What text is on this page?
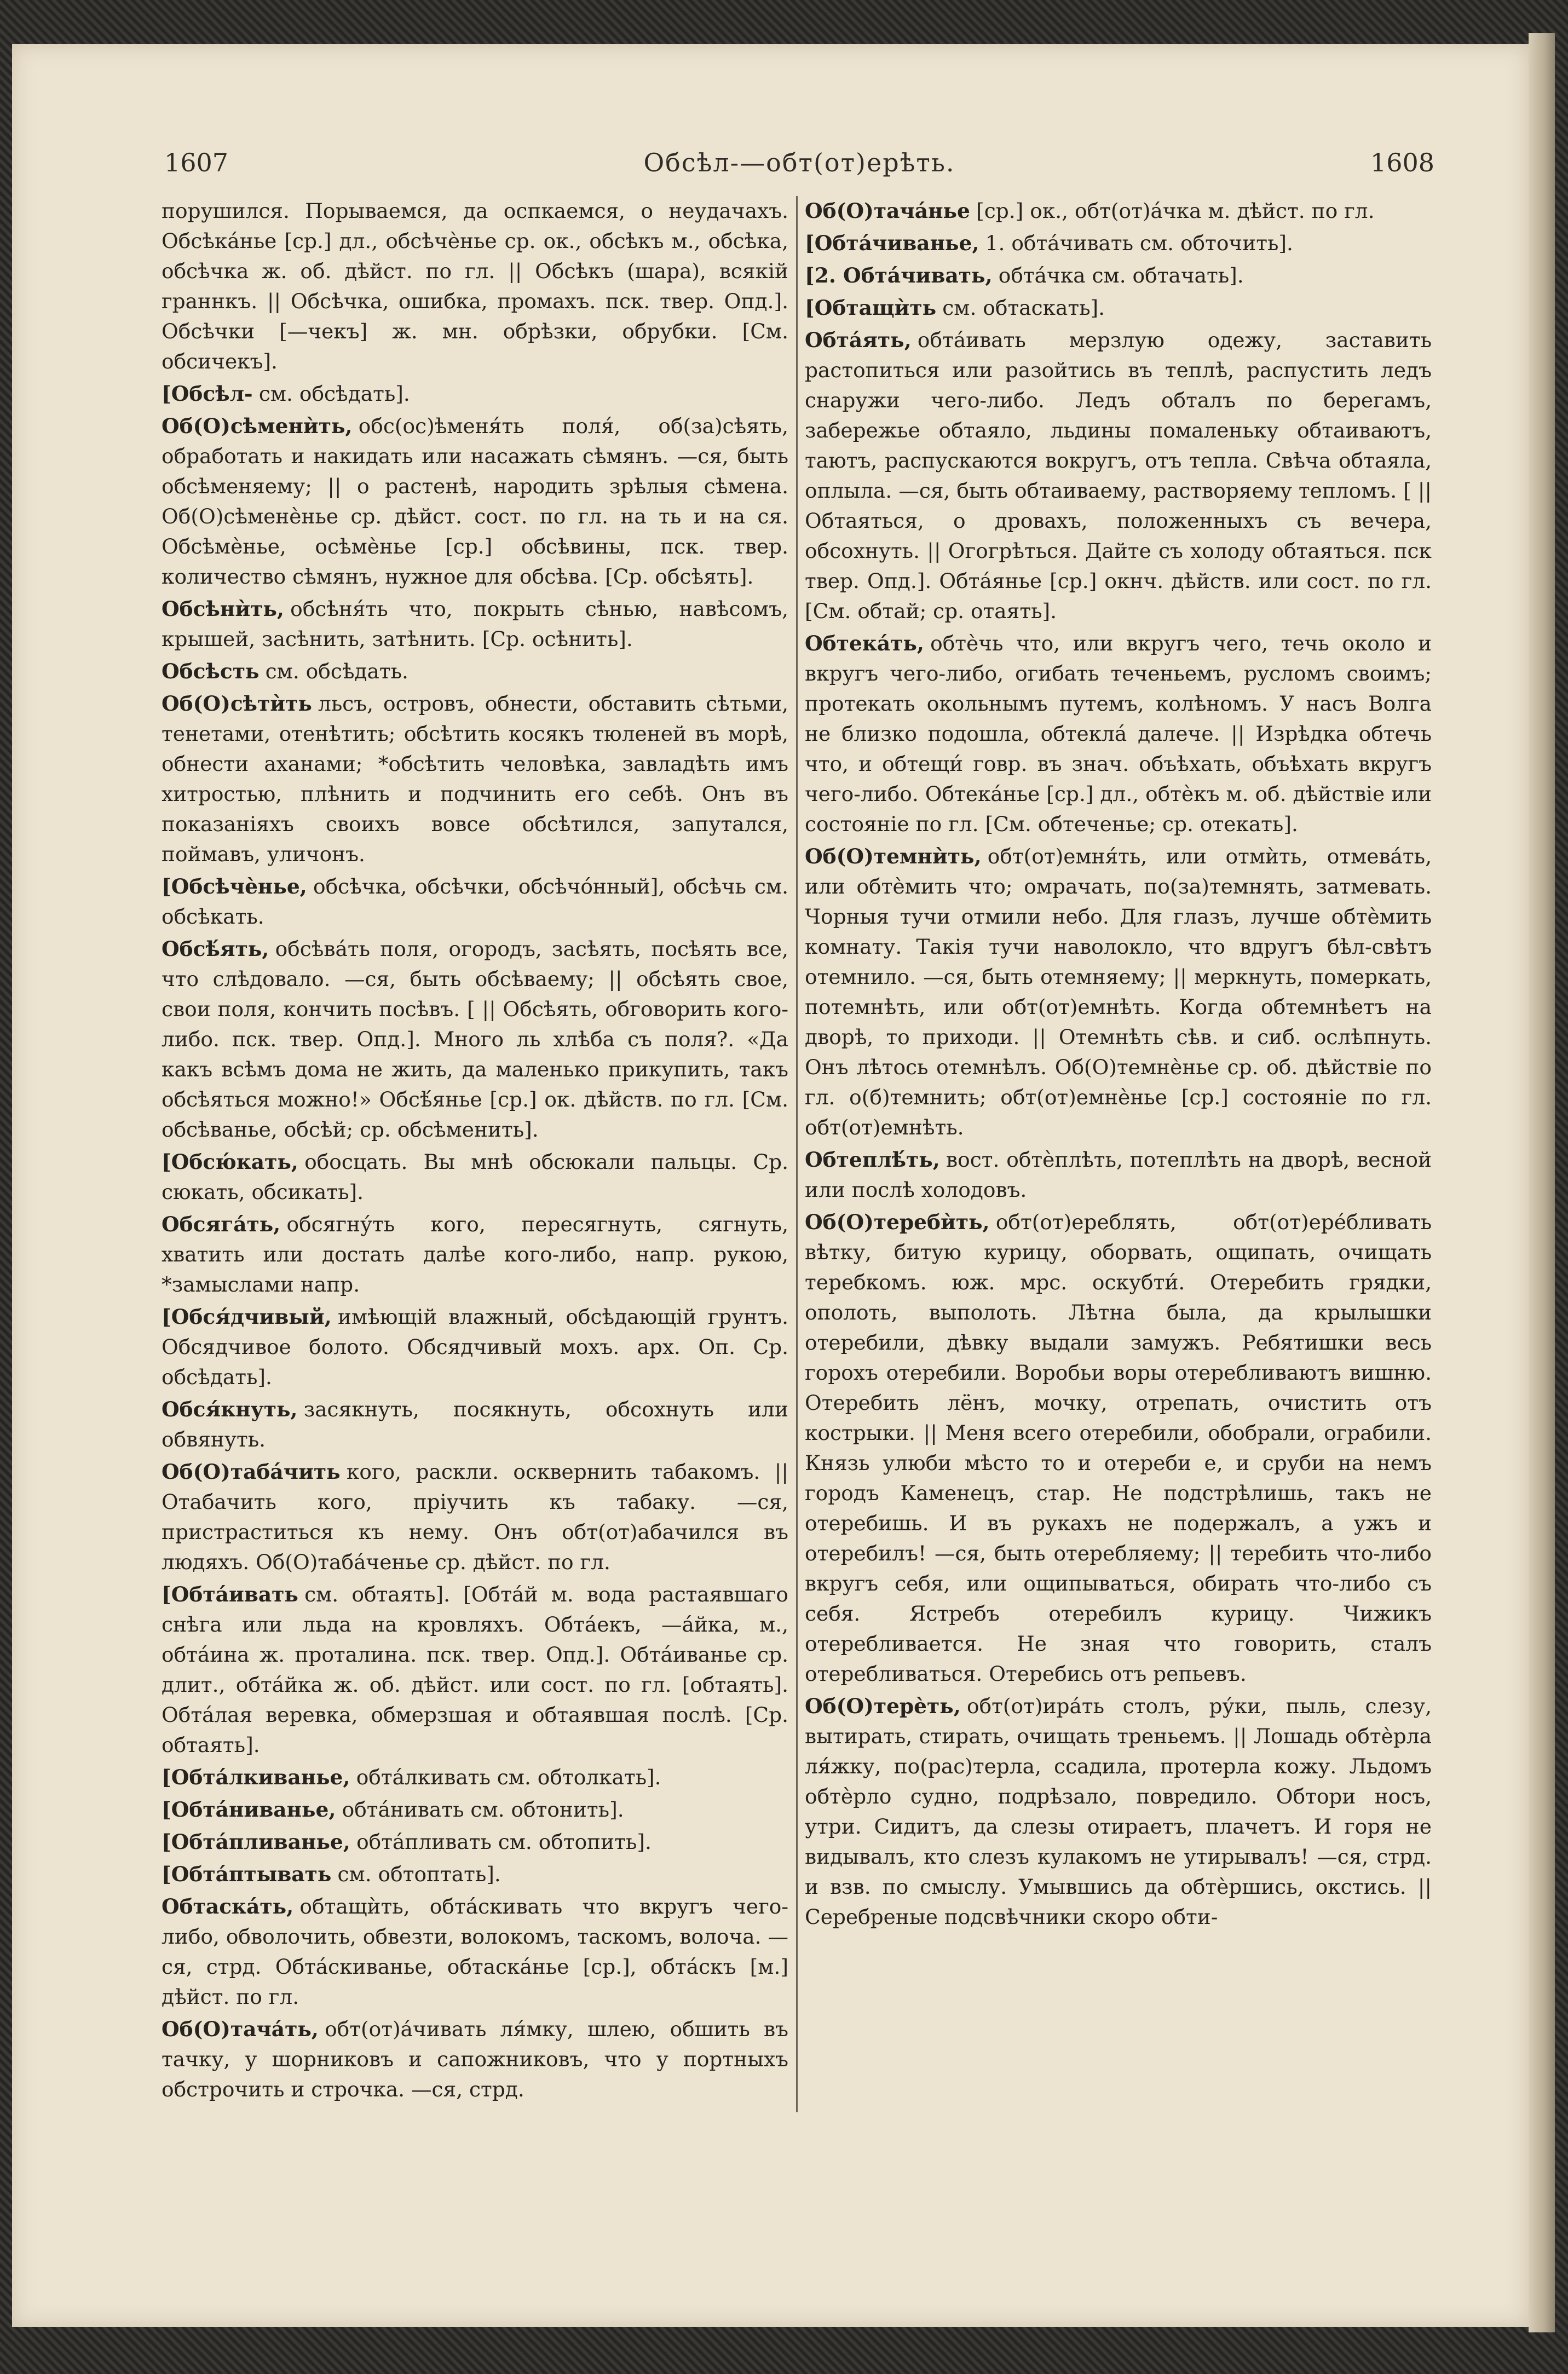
1607	Обсѣл-—обт(от)ерѣть.	1608

порушился. Порываемся, да оспкаемся, о неудачахъ. Обсѣка́нье [ср.] дл., обсѣчѐнье ср. ок., обсѣкъ м., обсѣка, обсѣчка ж. об. дѣйст. по гл. || Обсѣкъ (шара), всякій граннкъ. || Обсѣчка, ошибка, промахъ. пск. твер. Опд.]. Обсѣчки [—чекъ] ж. мн. обрѣзки, обрубки. [См. обсичекъ].

[Обсѣл- см. обсѣдать].

Об(О)сѣменѝть, обс(ос)ѣменя́ть поля́, об(за)сѣять, обработать и накидать или насажать сѣмянъ. —ся, быть обсѣменяему; || о растенѣ, народить зрѣлыя сѣмена. Об(О)сѣменѐнье ср. дѣйст. сост. по гл. на ть и на ся. Обсѣмѐнье, осѣмѐнье [ср.] обсѣвины, пск. твер. количество сѣмянъ, нужное для обсѣва. [Ср. обсѣять].

Обсѣнѝть, обсѣня́ть что, покрыть сѣнью, навѣсомъ, крышей, засѣнить, затѣнить. [Ср. осѣнить].

Обсѣсть см. обсѣдать.

Об(О)сѣтѝть льсъ, островъ, обнести, обставить сѣтьми, тенетами, отенѣтить; обсѣтить косякъ тюленей въ морѣ, обнести аханами; *обсѣтить человѣка, завладѣть имъ хитростью, плѣнить и подчинить его себѣ. Онъ въ показаніяхъ своихъ вовсе обсѣтился, запутался, поймавъ, уличонъ.

[Обсѣчѐнье, обсѣчка, обсѣчки, обсѣчо́нный], обсѣчь см. обсѣкать.

Обсѣ́ять, обсѣва́ть поля, огородъ, засѣять, посѣять все, что слѣдовало. —ся, быть обсѣваему; || обсѣять свое, свои поля, кончить посѣвъ. [ || Обсѣять, обговорить кого-либо. пск. твер. Опд.]. Много ль хлѣба съ поля?. «Да какъ всѣмъ дома не жить, да маленько прикупить, такъ обсѣяться можно!» Обсѣ́янье [ср.] ок. дѣйств. по гл. [См. обсѣванье, обсѣй; ср. обсѣменить].

[Обсю́кать, обосцать. Вы мнѣ обсюкали пальцы. Ср. сюкать, обсикать].

Обсяга́ть, обсягну́ть кого, пересягнуть, сягнуть, хватить или достать далѣе кого-либо, напр. рукою, *замыслами напр.

[Обся́дчивый, имѣющій влажный, обсѣдающій грунтъ. Обсядчивое болото. Обсядчивый мохъ. арх. Оп. Ср. обсѣдать].

Обся́кнуть, засякнуть, посякнуть, обсохнуть или обвянуть.

Об(О)таба́чить кого, раскли. осквернить табакомъ. || Отабачить кого, пріучить къ табаку. —ся, пристраститься къ нему. Онъ обт(от)абачился въ людяхъ. Об(О)таба́ченье ср. дѣйст. по гл.

[Обта́ивать см. обтаять]. [Обта́й м. вода растаявшаго снѣга или льда на кровляхъ. Обта́екъ, —а́йка, м., обта́ина ж. проталина. пск. твер. Опд.]. Обта́иванье ср. длит., обта́йка ж. об. дѣйст. или сост. по гл. [обтаять]. Обта́лая веревка, обмерзшая и обтаявшая послѣ. [Ср. обтаять].

[Обта́лкиванье, обта́лкивать см. обтолкать].

[Обта́ниванье, обта́нивать см. обтонить].

[Обта́пливанье, обта́пливать см. обтопить].

[Обта́птывать см. обтоптать].

Обтаска́ть, обтащѝть, обта́скивать что вкругъ чего-либо, обволочить, обвезти, волокомъ, таскомъ, волоча. —ся, стрд. Обта́скиванье, обтаска́нье [ср.], обта́скъ [м.] дѣйст. по гл.

Об(О)тача́ть, обт(от)а́чивать ля́мку, шлею, обшить въ тачку, у шорниковъ и сапожниковъ, что у портныхъ обстрочить и строчка. —ся, стрд.

Об(О)тача́нье [ср.] ок., обт(от)а́чка м. дѣйст. по гл.

[Обта́чиванье, 1. обта́чивать см. обточить].

[2. Обта́чивать, обта́чка см. обтачать].

[Обтащѝть см. обтаскать].

Обта́ять, обта́ивать мерзлую одежу, заставить растопиться или разойтись въ теплѣ, распустить ледъ снаружи чего-либо. Ледъ обталъ по берегамъ, забережье обтаяло, льдины помаленьку обтаиваютъ, таютъ, распускаются вокругъ, отъ тепла. Свѣча обтаяла, оплыла. —ся, быть обтаиваему, растворяему тепломъ. [ || Обтаяться, о дровахъ, положенныхъ съ вечера, обсохнуть. || Огогрѣться. Дайте съ холоду обтаяться. пск твер. Опд.]. Обта́янье [ср.] окнч. дѣйств. или сост. по гл. [См. обтай; ср. отаять].

Обтека́ть, обтѐчь что, или вкругъ чего, течь около и вкругъ чего-либо, огибать теченьемъ, русломъ своимъ; протекать окольнымъ путемъ, колѣномъ. У насъ Волга не близко подошла, обтекла́ далече. || Изрѣдка обтечь что, и обтещи́ говр. въ знач. объѣхать, объѣхать вкругъ чего-либо. Обтека́нье [ср.] дл., обтѐкъ м. об. дѣйствіе или состояніе по гл. [См. обтеченье; ср. отекать].

Об(О)темнѝть, обт(от)емня́ть, или отмѝть, отмева́ть, или обтѐмить что; омрачать, по(за)темнять, затмевать. Чорныя тучи отмили небо. Для глазъ, лучше обтѐмить комнату. Такія тучи наволокло, что вдругъ бѣл-свѣтъ отемнило. —ся, быть отемняему; || меркнуть, померкать, потемнѣть, или обт(от)емнѣть. Когда обтемнѣетъ на дворѣ, то приходи. || Отемнѣть сѣв. и сиб. ослѣпнуть. Онъ лѣтось отемнѣлъ. Об(О)темнѐнье ср. об. дѣйствіе по гл. о(б)темнить; обт(от)емнѐнье [ср.] состояніе по гл. обт(от)емнѣть.

Обтеплѣ́ть, вост. обтѐплѣть, потеплѣть на дворѣ, весной или послѣ холодовъ.

Об(О)теребѝть, обт(от)ереблять, обт(от)ере́бливать вѣтку, битую курицу, оборвать, ощипать, очищать теребкомъ. юж. мрс. оскубти́. Отеребить грядки, ополоть, выполоть. Лѣтна была, да крылышки отеребили, дѣвку выдали замужъ. Ребятишки весь горохъ отеребили. Воробьи воры отеребливаютъ вишню. Отеребить лёнъ, мочку, отрепать, очистить отъ кострыки. || Меня всего отеребили, обобрали, ограбили. Князь улюби мѣсто то и отереби е, и сруби на немъ городъ Каменецъ, стар. Не подстрѣлишь, такъ не отеребишь. И въ рукахъ не подержалъ, а ужъ и отеребилъ! —ся, быть отеребляему; || теребить что-либо вкругъ себя, или ощипываться, обирать что-либо съ себя. Ястребъ отеребилъ курицу. Чижикъ отеребливается. Не зная что говорить, сталъ отеребливаться. Отеребись отъ репьевъ.

Об(О)терѐть, обт(от)ира́ть столъ, ру́ки, пыль, слезу, вытирать, стирать, очищать треньемъ. || Лошадь обтѐрла ля́жку, по(рас)терла, ссадила, протерла кожу. Льдомъ обтѐрло судно, подрѣзало, повредило. Обтори носъ, утри. Сидитъ, да слезы отираетъ, плачетъ. И горя не видывалъ, кто слезъ кулакомъ не утирывалъ! —ся, стрд. и взв. по смыслу. Умывшись да обтѐршись, окстись. || Серебреные подсвѣчники скоро обти-
